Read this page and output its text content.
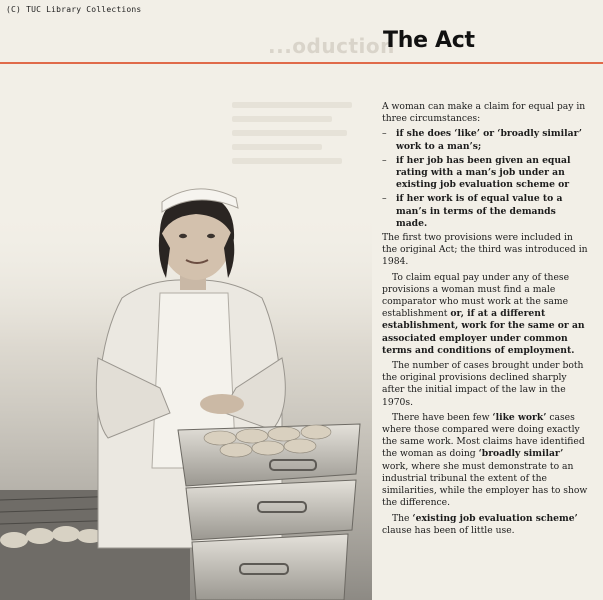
(C) TUC Library Collections
...oduction
The Act

A woman can make a claim for equal pay in three circumstances:

– if she does ‘like’ or ‘broadly similar’ work to a man’s;
– if her job has been given an equal rating with a man’s job under an existing job evaluation scheme or
– if her work is of equal value to a man’s in terms of the demands made.

The first two provisions were included in the original Act; the third was introduced in 1984.

To claim equal pay under any of these provisions a woman must find a male comparator who must work at the same establishment or, if at a different establishment, work for the same or an associated employer under common terms and conditions of employment.

The number of cases brought under both the original provisions declined sharply after the initial impact of the law in the 1970s.

There have been few ‘like work’ cases where those compared were doing exactly the same work. Most claims have identified the woman as doing ‘broadly similar’ work, where she must demonstrate to an industrial tribunal the extent of the similarities, while the employer has to show the difference.

The ‘existing job evaluation scheme’ clause has been of little use.
